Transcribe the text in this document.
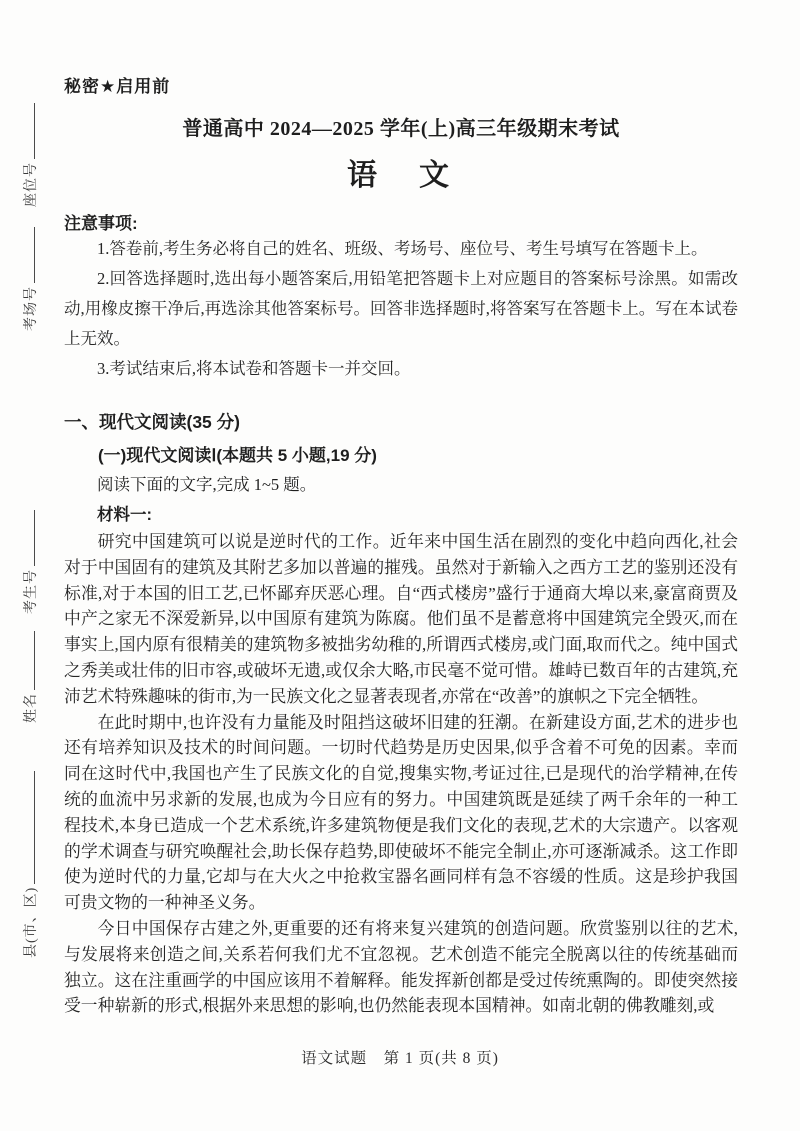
座位号
考场号
考生号
姓名
县(市、区)
秘密★启用前
普通高中 2024—2025 学年(上)高三年级期末考试
语　文
注意事项:

1.答卷前,考生务必将自己的姓名、班级、考场号、座位号、考生号填写在答题卡上。

2.回答选择题时,选出每小题答案后,用铅笔把答题卡上对应题目的答案标号涂黑。如需改动,用橡皮擦干净后,再选涂其他答案标号。回答非选择题时,将答案写在答题卡上。写在本试卷上无效。

3.考试结束后,将本试卷和答题卡一并交回。

一、现代文阅读(35 分)
(一)现代文阅读Ⅰ(本题共 5 小题,19 分)

阅读下面的文字,完成 1~5 题。

材料一:

研究中国建筑可以说是逆时代的工作。近年来中国生活在剧烈的变化中趋向西化,社会对于中国固有的建筑及其附艺多加以普遍的摧残。虽然对于新输入之西方工艺的鉴别还没有标准,对于本国的旧工艺,已怀鄙弃厌恶心理。自“西式楼房”盛行于通商大埠以来,豪富商贾及中产之家无不深爱新异,以中国原有建筑为陈腐。他们虽不是蓄意将中国建筑完全毁灭,而在事实上,国内原有很精美的建筑物多被拙劣幼稚的,所谓西式楼房,或门面,取而代之。纯中国式之秀美或壮伟的旧市容,或破坏无遗,或仅余大略,市民毫不觉可惜。雄峙已数百年的古建筑,充沛艺术特殊趣味的街市,为一民族文化之显著表现者,亦常在“改善”的旗帜之下完全牺牲。

在此时期中,也许没有力量能及时阻挡这破坏旧建的狂潮。在新建设方面,艺术的进步也还有培养知识及技术的时间问题。一切时代趋势是历史因果,似乎含着不可免的因素。幸而同在这时代中,我国也产生了民族文化的自觉,搜集实物,考证过往,已是现代的治学精神,在传统的血流中另求新的发展,也成为今日应有的努力。中国建筑既是延续了两千余年的一种工程技术,本身已造成一个艺术系统,许多建筑物便是我们文化的表现,艺术的大宗遗产。以客观的学术调查与研究唤醒社会,助长保存趋势,即使破坏不能完全制止,亦可逐渐减杀。这工作即使为逆时代的力量,它却与在大火之中抢救宝器名画同样有急不容缓的性质。这是珍护我国可贵文物的一种神圣义务。

今日中国保存古建之外,更重要的还有将来复兴建筑的创造问题。欣赏鉴别以往的艺术,与发展将来创造之间,关系若何我们尤不宜忽视。艺术创造不能完全脱离以往的传统基础而独立。这在注重画学的中国应该用不着解释。能发挥新创都是受过传统熏陶的。即使突然接受一种崭新的形式,根据外来思想的影响,也仍然能表现本国精神。如南北朝的佛教雕刻,或

语文试题　第 1 页(共 8 页)
